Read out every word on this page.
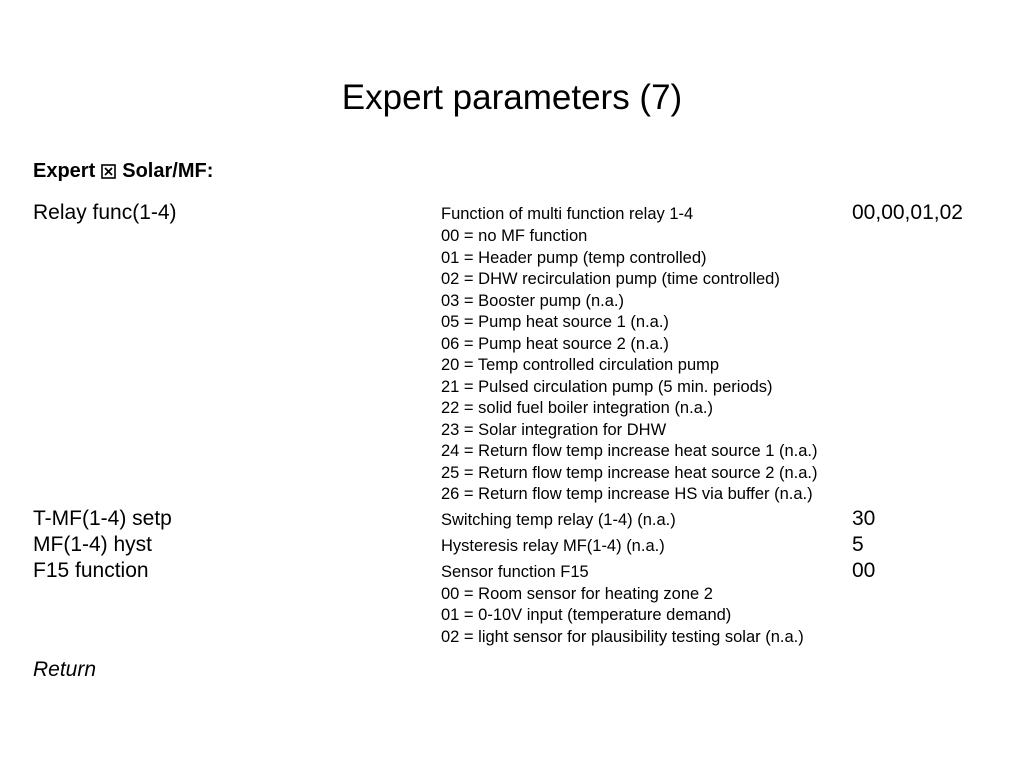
Expert parameters (7)
Expert Solar/MF:
Relay func(1-4)	Function of multi function relay 1-4	00,00,01,02
00 = no MF function
01 = Header pump (temp controlled)
02 = DHW recirculation pump (time controlled)
03 = Booster pump (n.a.)
05 = Pump heat source 1 (n.a.)
06 = Pump heat source 2 (n.a.)
20 = Temp controlled circulation pump
21 = Pulsed circulation pump (5 min. periods)
22 = solid fuel boiler integration (n.a.)
23 = Solar integration for DHW
24 = Return flow temp increase heat source 1 (n.a.)
25 = Return flow temp increase heat source 2 (n.a.)
26 = Return flow temp increase HS via buffer (n.a.)
T-MF(1-4) setp	Switching temp relay (1-4) (n.a.)	30
MF(1-4) hyst	Hysteresis relay MF(1-4) (n.a.)	5
F15 function	Sensor function F15	00
00 = Room sensor for heating zone 2
01 = 0-10V input (temperature demand)
02 = light sensor for plausibility testing solar (n.a.)
Return
